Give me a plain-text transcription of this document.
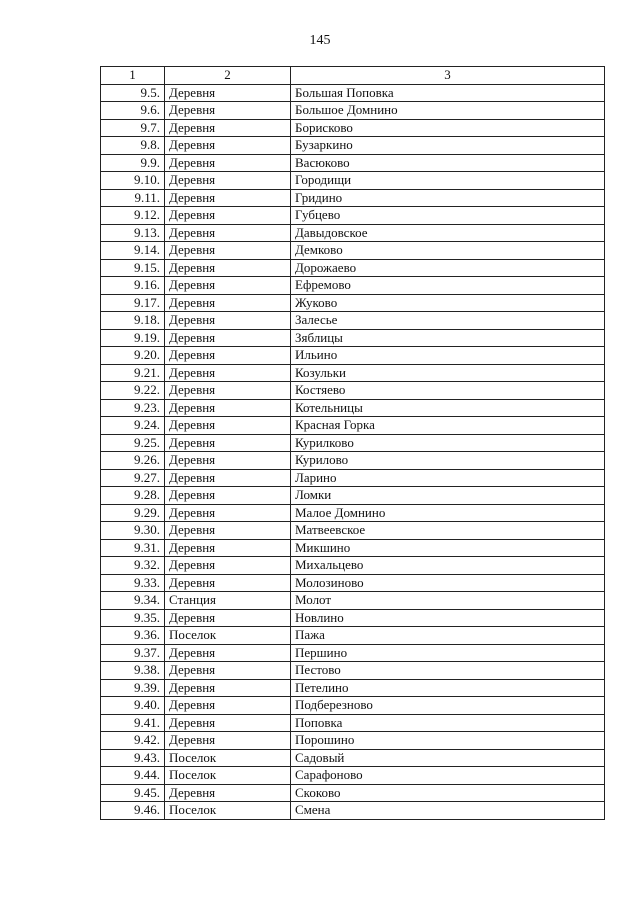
145
1	2	3
9.5.	Деревня	Большая Поповка
9.6.	Деревня	Большое Домнино
9.7.	Деревня	Борисково
9.8.	Деревня	Бузаркино
9.9.	Деревня	Васюково
9.10.	Деревня	Городищи
9.11.	Деревня	Гридино
9.12.	Деревня	Губцево
9.13.	Деревня	Давыдовское
9.14.	Деревня	Демково
9.15.	Деревня	Дорожаево
9.16.	Деревня	Ефремово
9.17.	Деревня	Жуково
9.18.	Деревня	Залесье
9.19.	Деревня	Зяблицы
9.20.	Деревня	Ильино
9.21.	Деревня	Козульки
9.22.	Деревня	Костяево
9.23.	Деревня	Котельницы
9.24.	Деревня	Красная Горка
9.25.	Деревня	Курилково
9.26.	Деревня	Курилово
9.27.	Деревня	Ларино
9.28.	Деревня	Ломки
9.29.	Деревня	Малое Домнино
9.30.	Деревня	Матвеевское
9.31.	Деревня	Микшино
9.32.	Деревня	Михальцево
9.33.	Деревня	Молозиново
9.34.	Станция	Молот
9.35.	Деревня	Новлино
9.36.	Поселок	Пажа
9.37.	Деревня	Першино
9.38.	Деревня	Пестово
9.39.	Деревня	Петелино
9.40.	Деревня	Подберезново
9.41.	Деревня	Поповка
9.42.	Деревня	Порошино
9.43.	Поселок	Садовый
9.44.	Поселок	Сарафоново
9.45.	Деревня	Скоково
9.46.	Поселок	Смена
